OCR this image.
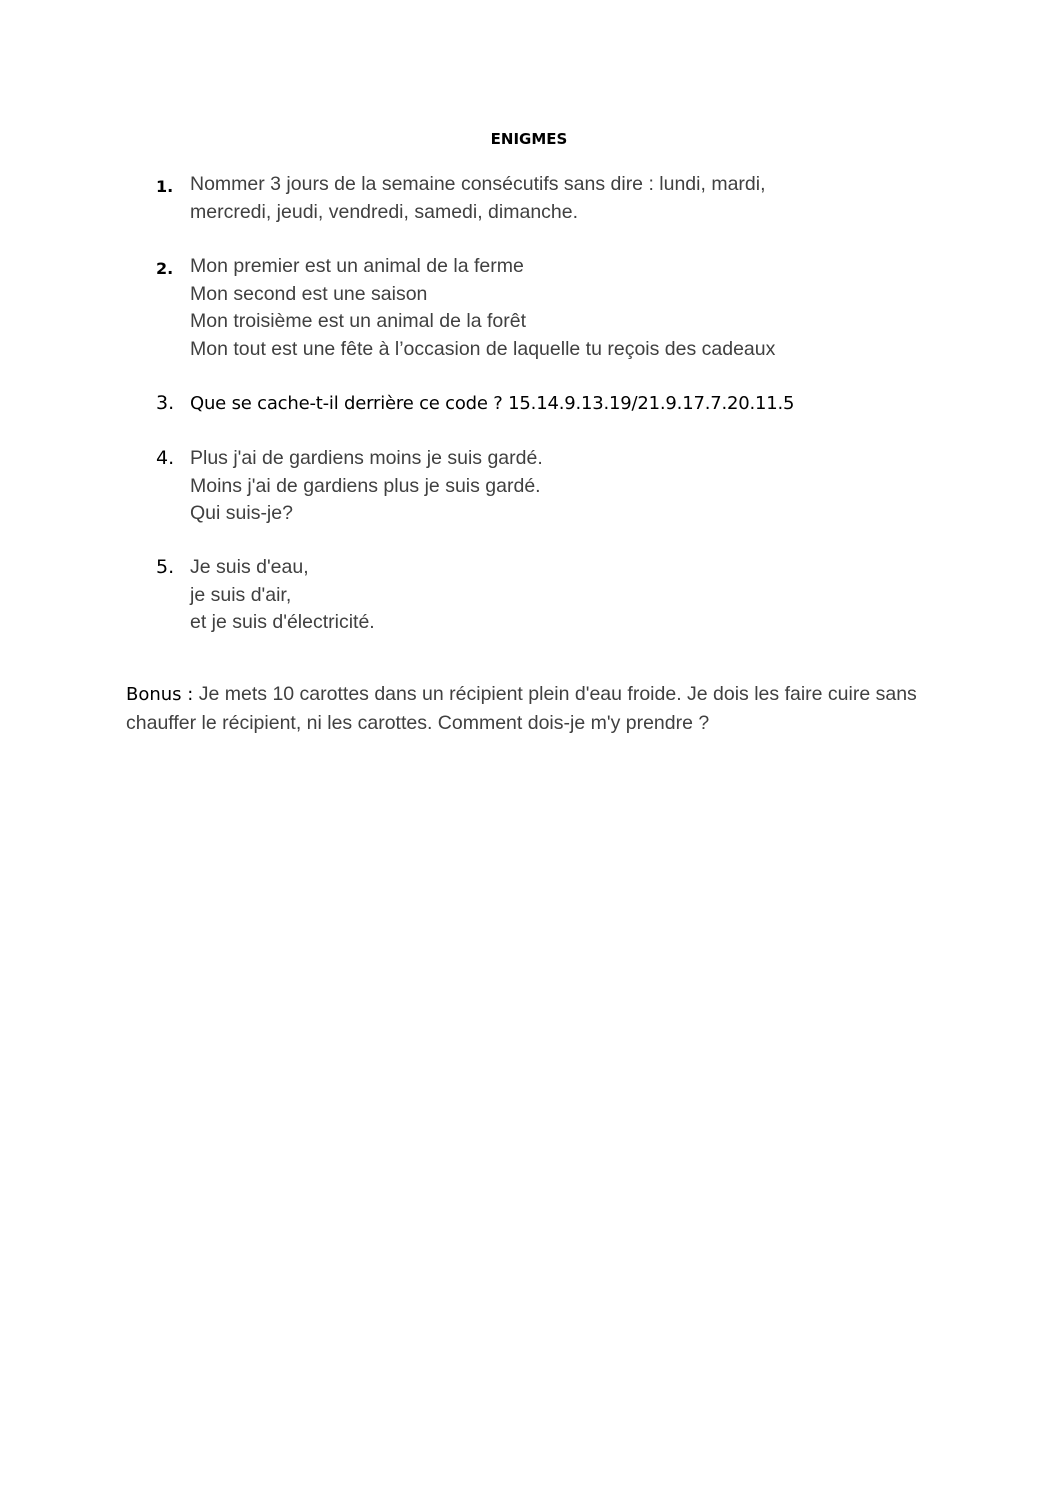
ENIGMES
1. Nommer 3 jours de la semaine consécutifs sans dire : lundi, mardi,
mercredi, jeudi, vendredi, samedi, dimanche.
2. Mon premier est un animal de la ferme
Mon second est une saison
Mon troisième est un animal de la forêt
Mon tout est une fête à l’occasion de laquelle tu reçois des cadeaux
3. Que se cache-t-il derrière ce code ? 15.14.9.13.19/21.9.17.7.20.11.5
4. Plus j'ai de gardiens moins je suis gardé.
Moins j'ai de gardiens plus je suis gardé.
Qui suis-je?
5. Je suis d'eau,
je suis d'air,
et je suis d'électricité.
Bonus : Je mets 10 carottes dans un récipient plein d'eau froide. Je dois les faire cuire sans chauffer le récipient, ni les carottes. Comment dois-je m'y prendre ?
